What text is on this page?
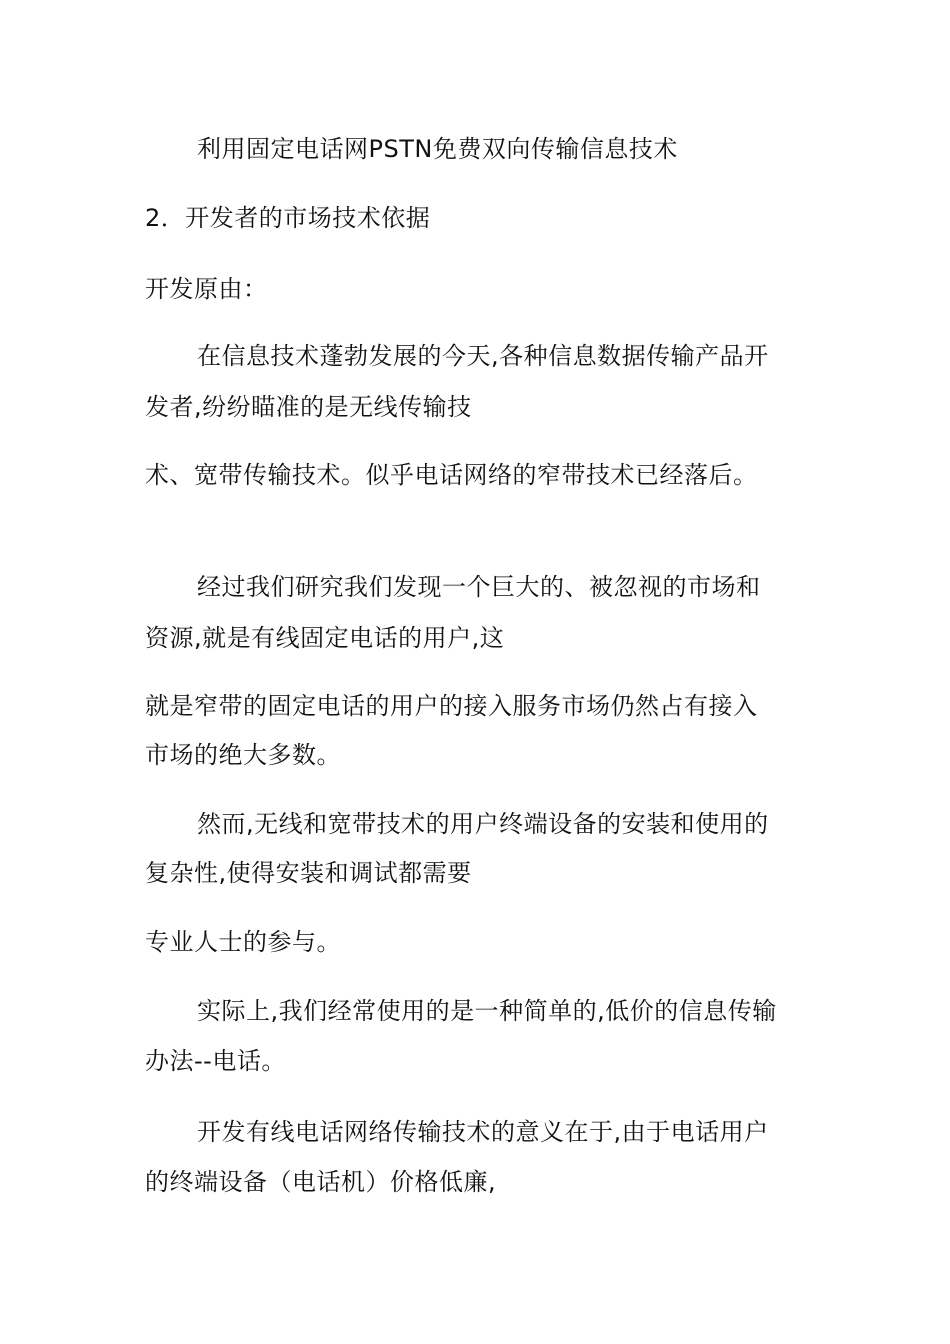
利用固定电话网PSTN免费双向传输信息技术
2．开发者的市场技术依据
开发原由：
在信息技术蓬勃发展的今天,各种信息数据传输产品开
发者,纷纷瞄准的是无线传输技
术、宽带传输技术。似乎电话网络的窄带技术已经落后。
经过我们研究我们发现一个巨大的、被忽视的市场和
资源,就是有线固定电话的用户,这
就是窄带的固定电话的用户的接入服务市场仍然占有接入
市场的绝大多数。
然而,无线和宽带技术的用户终端设备的安装和使用的
复杂性,使得安装和调试都需要
专业人士的参与。
实际上,我们经常使用的是一种简单的,低价的信息传输
办法--电话。
开发有线电话网络传输技术的意义在于,由于电话用户
的终端设备（电话机）价格低廉,
